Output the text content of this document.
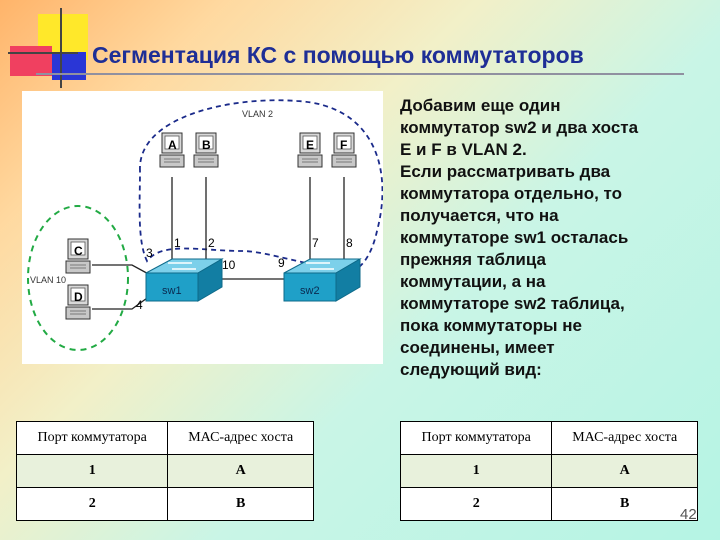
Сегментация КС с помощью коммутаторов
VLAN 2
VLAN 10
A B	E F
C
D	sw1	sw2
1 2
3
4
7 8
9
10
Добавим еще один
коммутатор sw2 и два хоста
E и F в VLAN 2.
Если рассматривать два
коммутатора отдельно, то
получается, что на
коммутаторе sw1 осталась
прежняя таблица
коммутации, а на
коммутаторе sw2 таблица,
пока коммутаторы не
соединены, имеет
следующий вид:
Порт коммутатора	МАС-адрес хоста
1	A
2	B
Порт коммутатора	МАС-адрес хоста
1	A
2	B
42
